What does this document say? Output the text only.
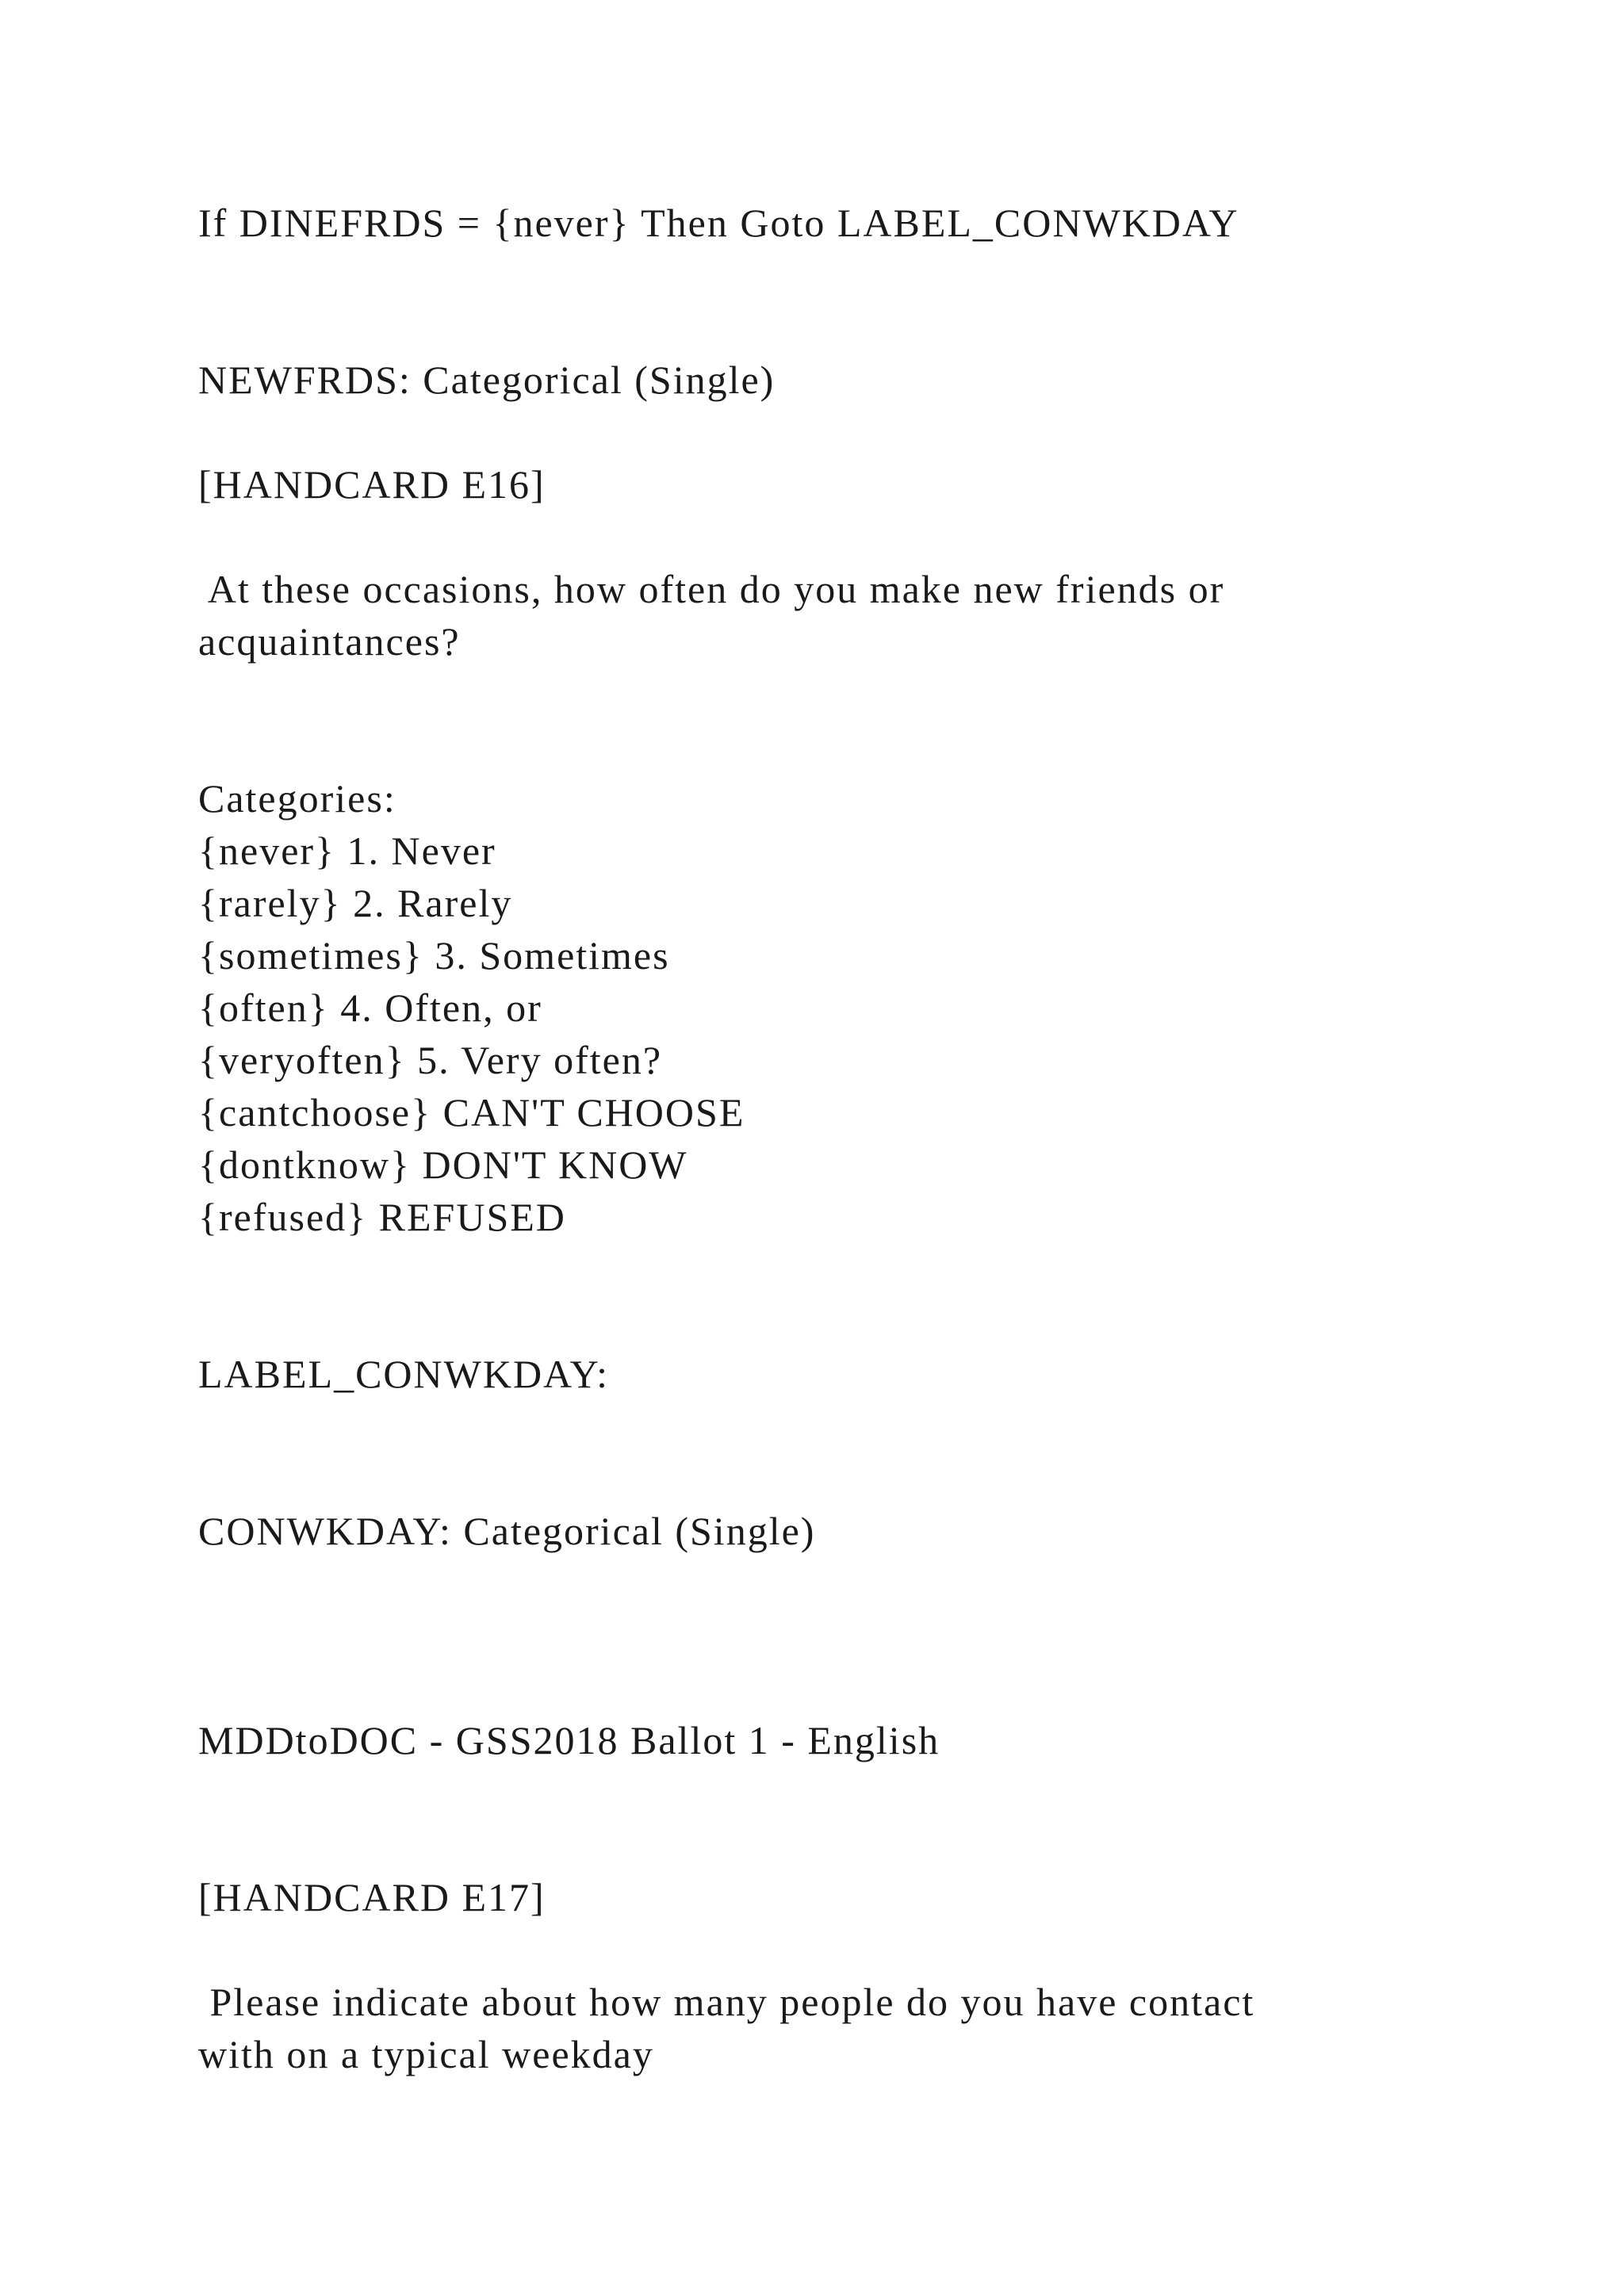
If DINEFRDS = {never} Then Goto LABEL_CONWKDAY

NEWFRDS: Categorical (Single)

[HANDCARD E16]

At these occasions, how often do you make new friends or

acquaintances?

Categories:

{never} 1. Never

{rarely} 2. Rarely

{sometimes} 3. Sometimes

{often} 4. Often, or

{veryoften} 5. Very often?

{cantchoose} CAN'T CHOOSE

{dontknow} DON'T KNOW

{refused} REFUSED

LABEL_CONWKDAY:

CONWKDAY: Categorical (Single)

MDDtoDOC - GSS2018 Ballot 1 - English

[HANDCARD E17]

Please indicate about how many people do you have contact

with on a typical weekday
